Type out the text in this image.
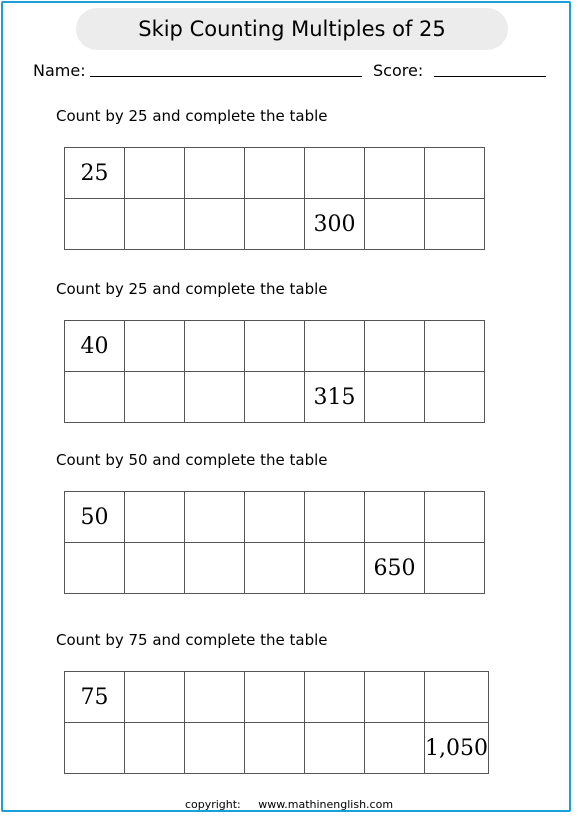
Skip Counting Multiples of 25
Name:	Score:
Count by 25 and complete the table
25						
				300		
Count by 25 and complete the table
40						
				315		
Count by 50 and complete the table
50						
					650	
Count by 75 and complete the table
75						
						1,050
copyright: www.mathinenglish.com
